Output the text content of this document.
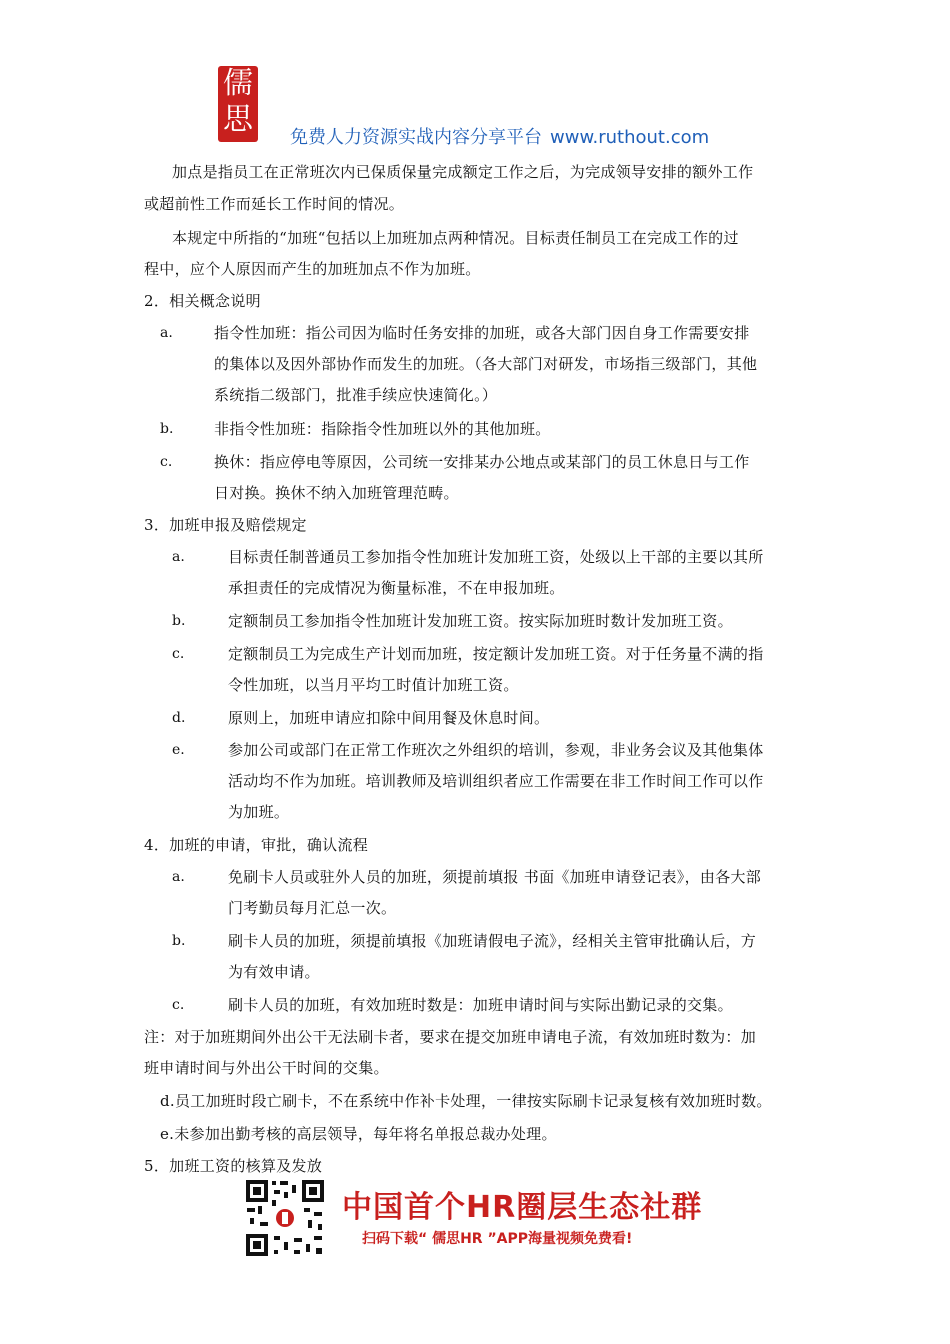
儒
思
免费人力资源实战内容分享平台 www.ruthout.com
加点是指员工在正常班次内已保质保量完成额定工作之后，为完成领导安排的额外工作
或超前性工作而延长工作时间的情况。
本规定中所指的“加班“包括以上加班加点两种情况。目标责任制员工在完成工作的过
程中，应个人原因而产生的加班加点不作为加班。
2．相关概念说明
a.	指令性加班：指公司因为临时任务安排的加班，或各大部门因自身工作需要安排
的集体以及因外部协作而发生的加班。（各大部门对研发，市场指三级部门，其他
系统指二级部门，批准手续应快速简化。）
b.	非指令性加班：指除指令性加班以外的其他加班。
c.	换休：指应停电等原因，公司统一安排某办公地点或某部门的员工休息日与工作
日对换。换休不纳入加班管理范畴。
3．加班申报及赔偿规定
a.	目标责任制普通员工参加指令性加班计发加班工资，处级以上干部的主要以其所
承担责任的完成情况为衡量标准，不在申报加班。
b.	定额制员工参加指令性加班计发加班工资。按实际加班时数计发加班工资。
c.	定额制员工为完成生产计划而加班，按定额计发加班工资。对于任务量不满的指
令性加班，以当月平均工时值计加班工资。
d.	原则上，加班申请应扣除中间用餐及休息时间。
e.	参加公司或部门在正常工作班次之外组织的培训，参观，非业务会议及其他集体
活动均不作为加班。培训教师及培训组织者应工作需要在非工作时间工作可以作
为加班。
4．加班的申请，审批，确认流程
a.	免刷卡人员或驻外人员的加班，须提前填报 书面《加班申请登记表》，由各大部
门考勤员每月汇总一次。
b.	刷卡人员的加班，须提前填报《加班请假电子流》，经相关主管审批确认后，方
为有效申请。
c.	刷卡人员的加班，有效加班时数是：加班申请时间与实际出勤记录的交集。
注：对于加班期间外出公干无法刷卡者，要求在提交加班申请电子流，有效加班时数为：加
班申请时间与外出公干时间的交集。
d.员工加班时段亡刷卡，不在系统中作补卡处理，一律按实际刷卡记录复核有效加班时数。
e.未参加出勤考核的高层领导，每年将名单报总裁办处理。
5．加班工资的核算及发放
中国首个HR圈层生态社群
扫码下载“ 儒思HR ”APP海量视频免费看!
